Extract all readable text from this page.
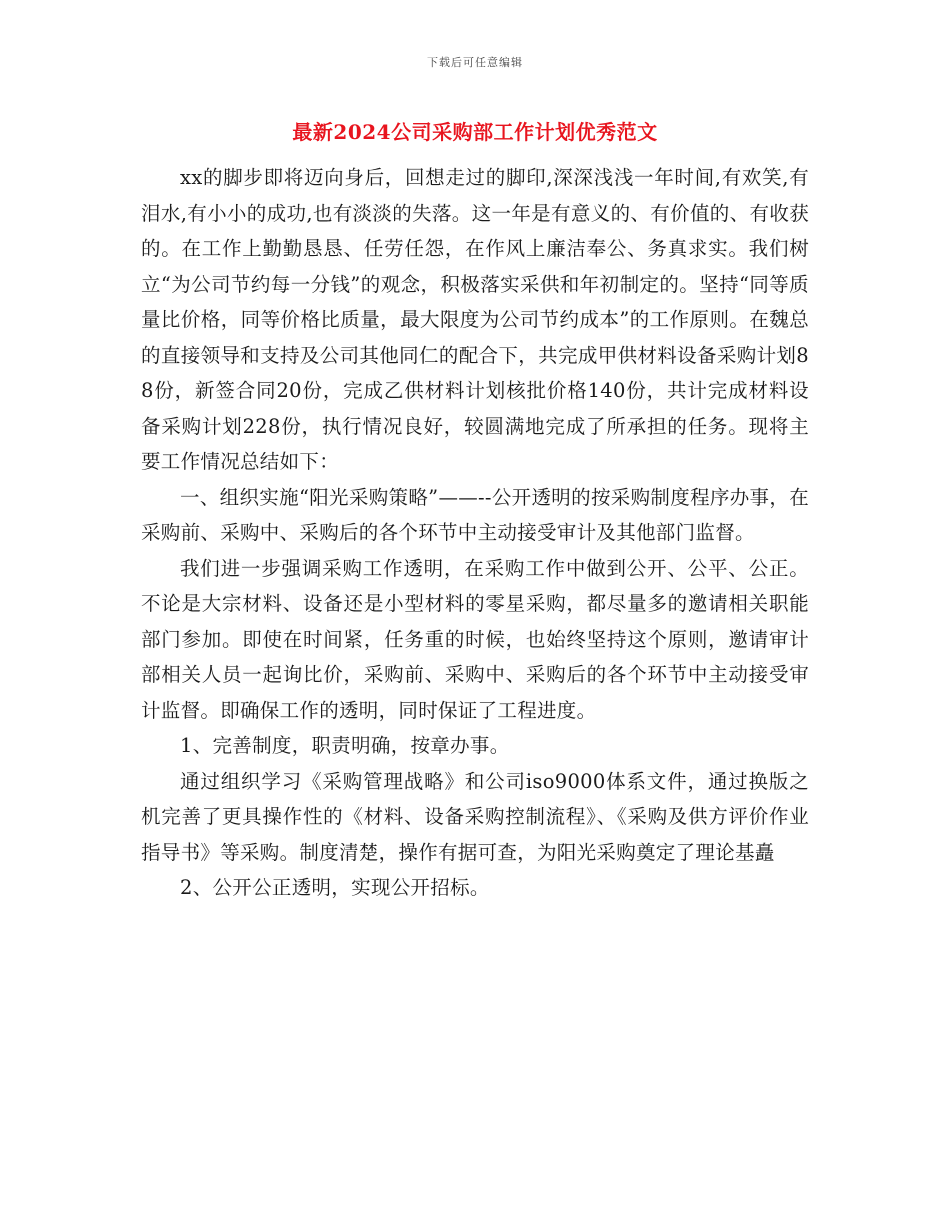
下载后可任意编辑
最新2024公司采购部工作计划优秀范文

xx的脚步即将迈向身后，回想走过的脚印,深深浅浅一年时间,有欢笑,有泪水,有小小的成功,也有淡淡的失落。这一年是有意义的、有价值的、有收获的。在工作上勤勤恳恳、任劳任怨，在作风上廉洁奉公、务真求实。我们树立“为公司节约每一分钱”的观念，积极落实采供和年初制定的。坚持“同等质量比价格，同等价格比质量，最大限度为公司节约成本”的工作原则。在魏总的直接领导和支持及公司其他同仁的配合下，共完成甲供材料设备采购计划88份，新签合同20份，完成乙供材料计划核批价格140份，共计完成材料设备采购计划228份，执行情况良好，较圆满地完成了所承担的任务。现将主要工作情况总结如下：

一、组织实施“阳光采购策略”——--公开透明的按采购制度程序办事，在采购前、采购中、采购后的各个环节中主动接受审计及其他部门监督。

我们进一步强调采购工作透明，在采购工作中做到公开、公平、公正。不论是大宗材料、设备还是小型材料的零星采购，都尽量多的邀请相关职能部门参加。即使在时间紧，任务重的时候，也始终坚持这个原则，邀请审计部相关人员一起询比价，采购前、采购中、采购后的各个环节中主动接受审计监督。即确保工作的透明，同时保证了工程进度。

1、完善制度，职责明确，按章办事。

通过组织学习《采购管理战略》和公司iso9000体系文件，通过换版之机完善了更具操作性的《材料、设备采购控制流程》、《采购及供方评价作业指导书》等采购。制度清楚，操作有据可查，为阳光采购奠定了理论基矗

2、公开公正透明，实现公开招标。
